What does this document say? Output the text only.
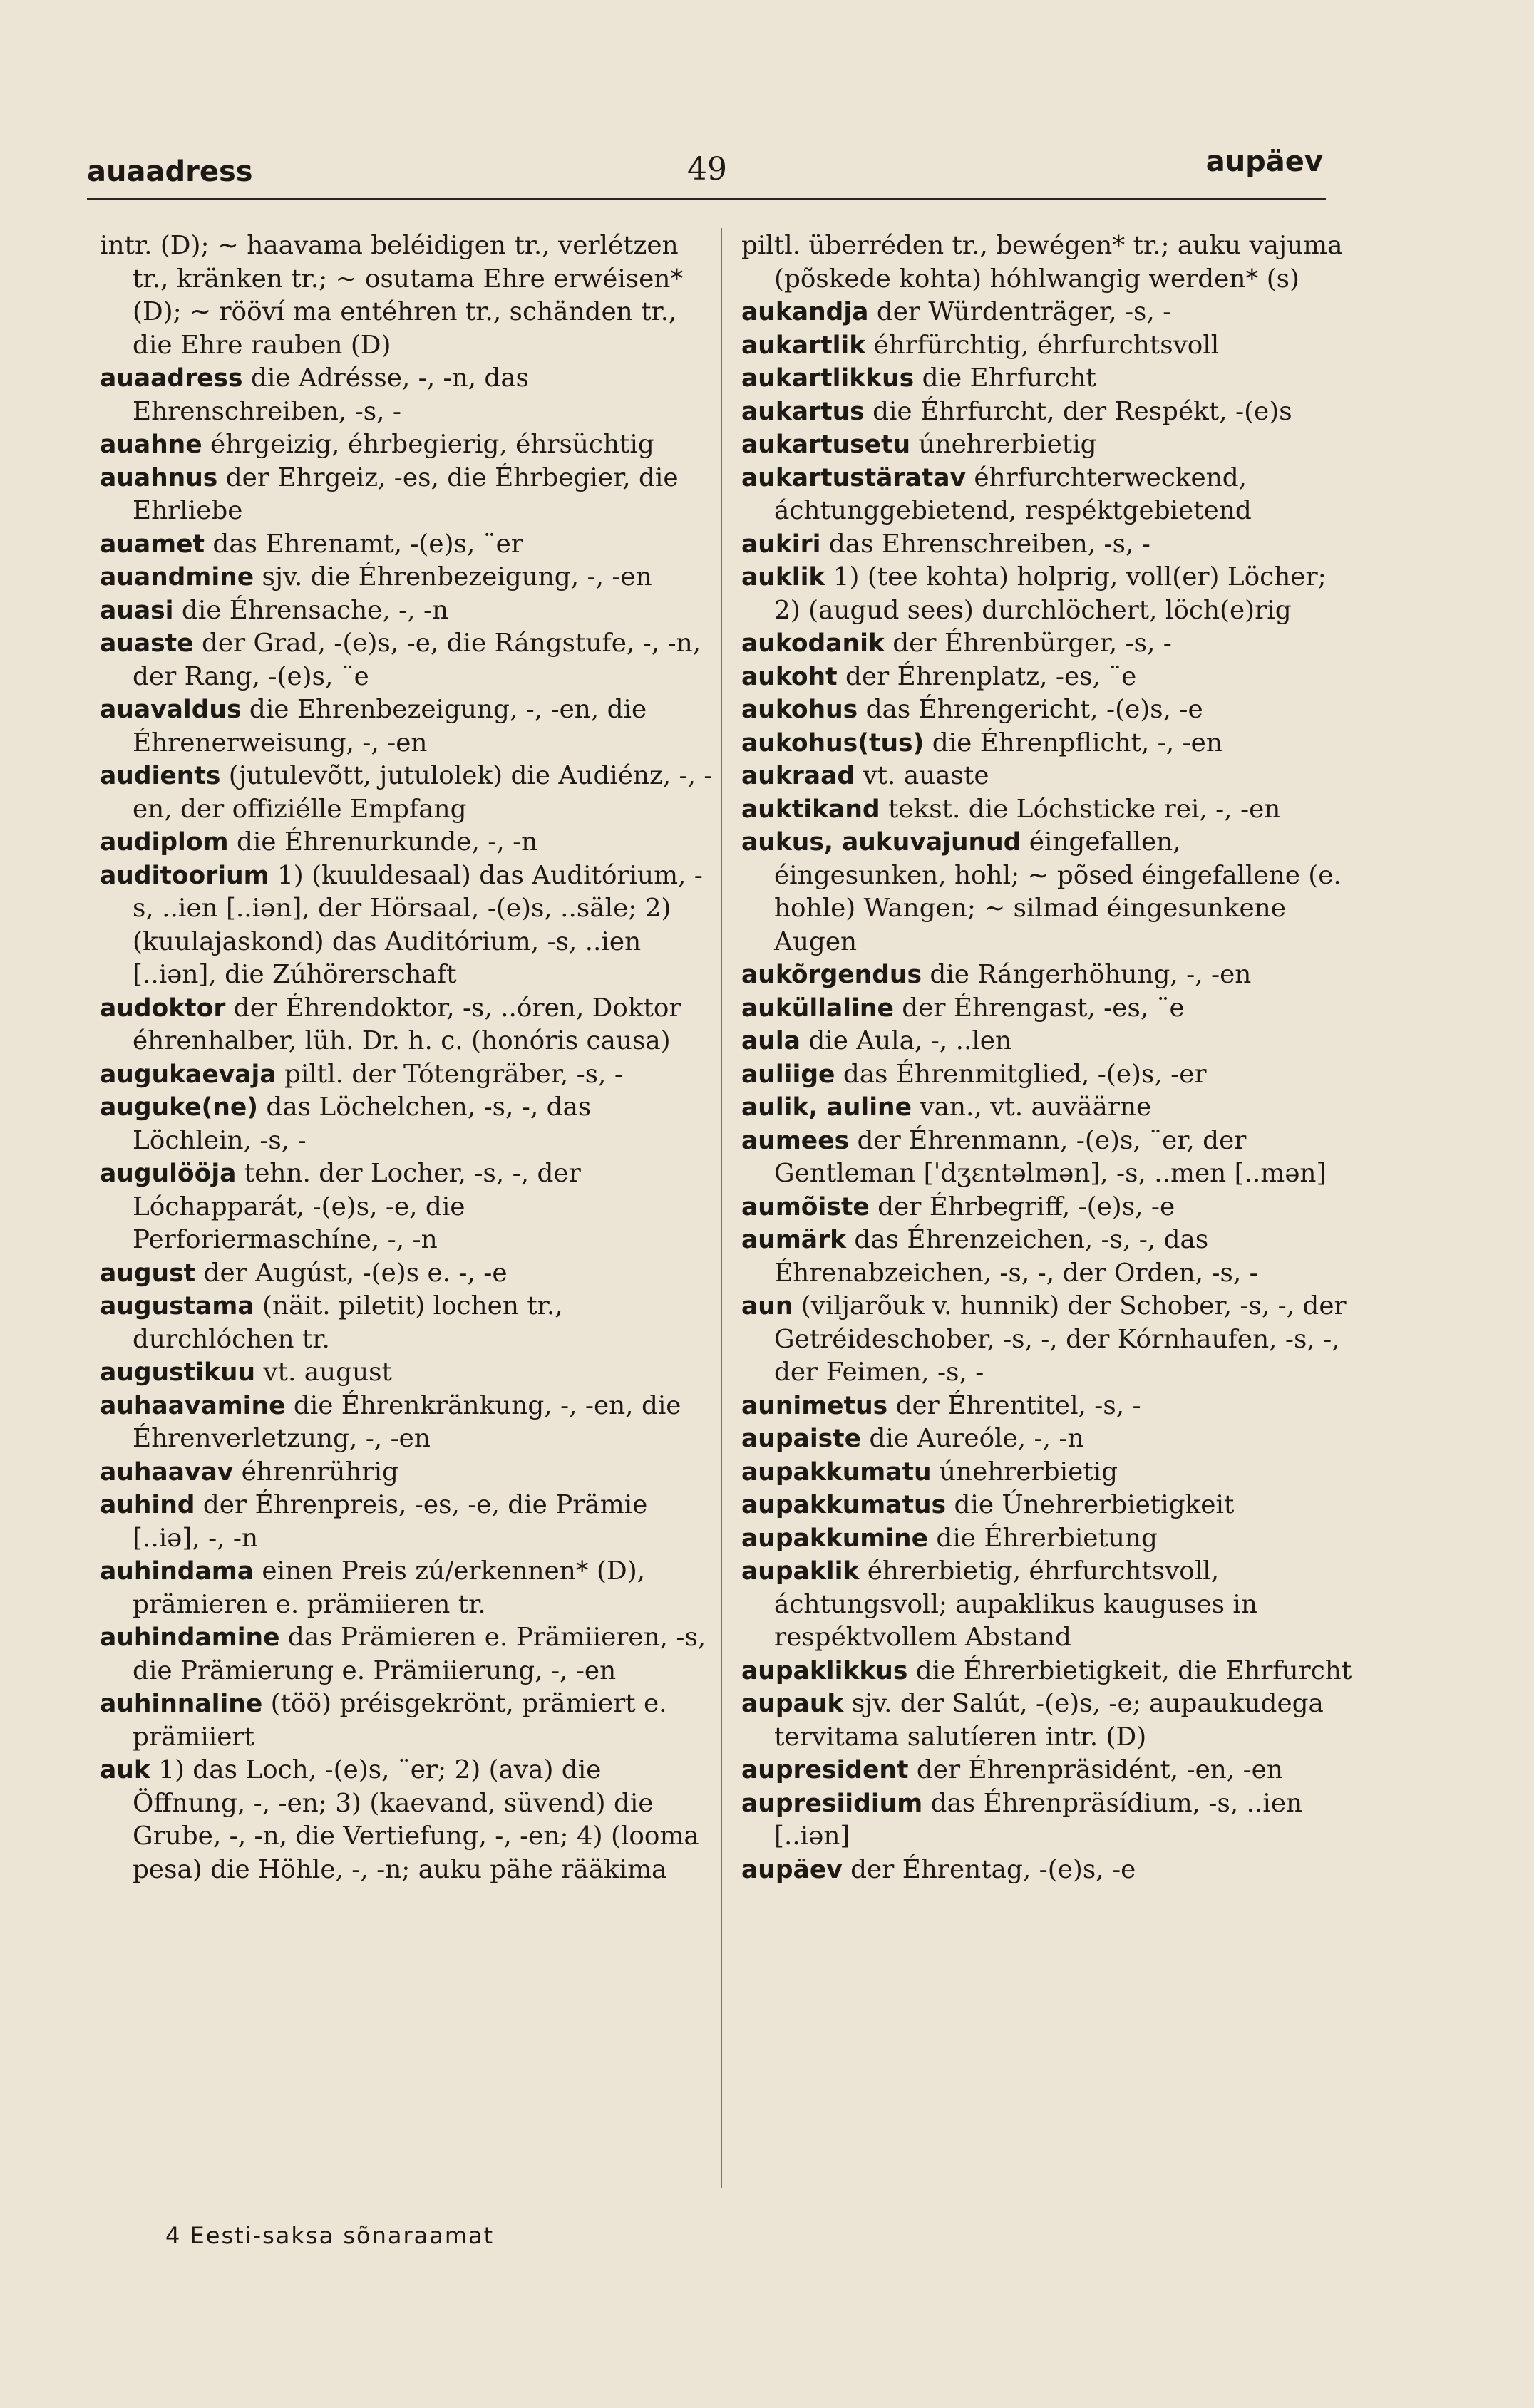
auaadress	49	aupäev

intr. (D); ~ haavama beléidigen tr., verlétzen tr., kränken tr.; ~ osutama Ehre erwéisen* (D); ~ rööví ma entéhren tr., schänden tr., die Ehre rauben (D)

auaadress die Adrésse, -, -n, das Ehrenschreiben, -s, -

auahne éhrgeizig, éhrbegierig, éhrsüchtig

auahnus der Ehrgeiz, -es, die Éhrbegier, die Ehrliebe

auamet das Ehrenamt, -(e)s, ¨er

auandmine sjv. die Éhrenbezeigung, -, -en

auasi die Éhrensache, -, -n

auaste der Grad, -(e)s, -e, die Rángstufe, -, -n, der Rang, -(e)s, ¨e

auavaldus die Ehrenbezeigung, -, -en, die Éhrenerweisung, -, -en

audients (jutulevõtt, jutulolek) die Audiénz, -, -en, der offiziélle Empfang

audiplom die Éhrenurkunde, -, -n

auditoorium 1) (kuuldesaal) das Auditórium, -s, ..ien [..iən], der Hörsaal, -(e)s, ..säle; 2) (kuulajaskond) das Auditórium, -s, ..ien [..iən], die Zúhörerschaft

audoktor der Éhrendoktor, -s, ..óren, Doktor éhrenhalber, lüh. Dr. h. c. (honóris causa)

augukaevaja piltl. der Tótengräber, -s, -

auguke(ne) das Löchelchen, -s, -, das Löchlein, -s, -

augulööja tehn. der Locher, -s, -, der Lóchapparát, -(e)s, -e, die Perforiermaschíne, -, -n

august der Augúst, -(e)s e. -, -e

augustama (näit. piletit) lochen tr., durchlóchen tr.

augustikuu vt. august

auhaavamine die Éhrenkränkung, -, -en, die Éhrenverletzung, -, -en

auhaavav éhrenrührig

auhind der Éhrenpreis, -es, -e, die Prämie [..iə], -, -n

auhindama einen Preis zú/erkennen* (D), prämieren e. prämiieren tr.

auhindamine das Prämieren e. Prämiieren, -s, die Prämierung e. Prämiierung, -, -en

auhinnaline (töö) préisgekrönt, prämiert e. prämiiert

auk 1) das Loch, -(e)s, ¨er; 2) (ava) die Öffnung, -, -en; 3) (kaevand, süvend) die Grube, -, -n, die Vertiefung, -, -en; 4) (looma pesa) die Höhle, -, -n; auku pähe rääkima

piltl. überréden tr., bewégen* tr.; auku vajuma (põskede kohta) hóhlwangig werden* (s)

aukandja der Würdenträger, -s, -

aukartlik éhrfürchtig, éhrfurchtsvoll

aukartlikkus die Ehrfurcht

aukartus die Éhrfurcht, der Respékt, -(e)s

aukartusetu únehrerbietig

aukartustäratav éhrfurchterweckend, áchtunggebietend, respéktgebietend

aukiri das Ehrenschreiben, -s, -

auklik 1) (tee kohta) holprig, voll(er) Löcher; 2) (augud sees) durchlöchert, löch(e)rig

aukodanik der Éhrenbürger, -s, -

aukoht der Éhrenplatz, -es, ¨e

aukohus das Éhrengericht, -(e)s, -e

aukohus(tus) die Éhrenpflicht, -, -en

aukraad vt. auaste

auktikand tekst. die Lóchsticke rei, -, -en

aukus, aukuvajunud éingefallen, éingesunken, hohl; ~ põsed éingefallene (e. hohle) Wangen; ~ silmad éingesunkene Augen

aukõrgendus die Rángerhöhung, -, -en

auküllaline der Éhrengast, -es, ¨e

aula die Aula, -, ..len

auliige das Éhrenmitglied, -(e)s, -er

aulik, auline van., vt. auväärne

aumees der Éhrenmann, -(e)s, ¨er, der Gentleman [ˈdʒɛntəlmən], -s, ..men [..mən]

aumõiste der Éhrbegriff, -(e)s, -e

aumärk das Éhrenzeichen, -s, -, das Éhrenabzeichen, -s, -, der Orden, -s, -

aun (viljarõuk v. hunnik) der Schober, -s, -, der Getréideschober, -s, -, der Kórnhaufen, -s, -, der Feimen, -s, -

aunimetus der Éhrentitel, -s, -

aupaiste die Aureóle, -, -n

aupakkumatu únehrerbietig

aupakkumatus die Únehrerbietigkeit

aupakkumine die Éhrerbietung

aupaklik éhrerbietig, éhrfurchtsvoll, áchtungsvoll; aupaklikus kauguses in respéktvollem Abstand

aupaklikkus die Éhrerbietigkeit, die Ehrfurcht

aupauk sjv. der Salút, -(e)s, -e; aupaukudega tervitama salutíeren intr. (D)

aupresident der Éhrenpräsidént, -en, -en

aupresiidium das Éhrenpräsídium, -s, ..ien [..iən]

aupäev der Éhrentag, -(e)s, -e

4 Eesti-saksa sõnaraamat
